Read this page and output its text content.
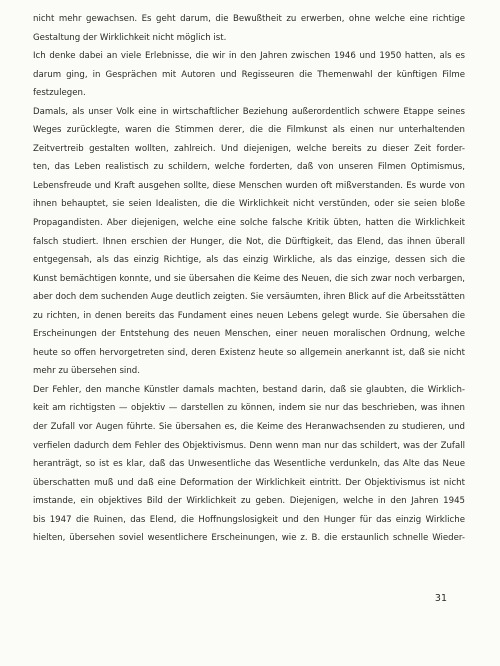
nicht mehr gewachsen. Es geht darum, die Bewußtheit zu erwerben, ohne welche eine richtige
Gestaltung der Wirklichkeit nicht möglich ist.
Ich denke dabei an viele Erlebnisse, die wir in den Jahren zwischen 1946 und 1950 hatten, als es
darum ging, in Gesprächen mit Autoren und Regisseuren die Themenwahl der künftigen Filme
festzulegen.
Damals, als unser Volk eine in wirtschaftlicher Beziehung außerordentlich schwere Etappe seines
Weges zurücklegte, waren die Stimmen derer, die die Filmkunst als einen nur unterhaltenden
Zeitvertreib gestalten wollten, zahlreich. Und diejenigen, welche bereits zu dieser Zeit forder-
ten, das Leben realistisch zu schildern, welche forderten, daß von unseren Filmen Optimismus,
Lebensfreude und Kraft ausgehen sollte, diese Menschen wurden oft mißverstanden. Es wurde von
ihnen behauptet, sie seien Idealisten, die die Wirklichkeit nicht verstünden, oder sie seien bloße
Propagandisten. Aber diejenigen, welche eine solche falsche Kritik übten, hatten die Wirklichkeit
falsch studiert. Ihnen erschien der Hunger, die Not, die Dürftigkeit, das Elend, das ihnen überall
entgegensah, als das einzig Richtige, als das einzig Wirkliche, als das einzige, dessen sich die
Kunst bemächtigen konnte, und sie übersahen die Keime des Neuen, die sich zwar noch verbargen,
aber doch dem suchenden Auge deutlich zeigten. Sie versäumten, ihren Blick auf die Arbeitsstätten
zu richten, in denen bereits das Fundament eines neuen Lebens gelegt wurde. Sie übersahen die
Erscheinungen der Entstehung des neuen Menschen, einer neuen moralischen Ordnung, welche
heute so offen hervorgetreten sind, deren Existenz heute so allgemein anerkannt ist, daß sie nicht
mehr zu übersehen sind.
Der Fehler, den manche Künstler damals machten, bestand darin, daß sie glaubten, die Wirklich-
keit am richtigsten — objektiv — darstellen zu können, indem sie nur das beschrieben, was ihnen
der Zufall vor Augen führte. Sie übersahen es, die Keime des Heranwachsenden zu studieren, und
verfielen dadurch dem Fehler des Objektivismus. Denn wenn man nur das schildert, was der Zufall
heranträgt, so ist es klar, daß das Unwesentliche das Wesentliche verdunkeln, das Alte das Neue
überschatten muß und daß eine Deformation der Wirklichkeit eintritt. Der Objektivismus ist nicht
imstande, ein objektives Bild der Wirklichkeit zu geben. Diejenigen, welche in den Jahren 1945
bis 1947 die Ruinen, das Elend, die Hoffnungslosigkeit und den Hunger für das einzig Wirkliche
hielten, übersehen soviel wesentlichere Erscheinungen, wie z. B. die erstaunlich schnelle Wieder-
31
